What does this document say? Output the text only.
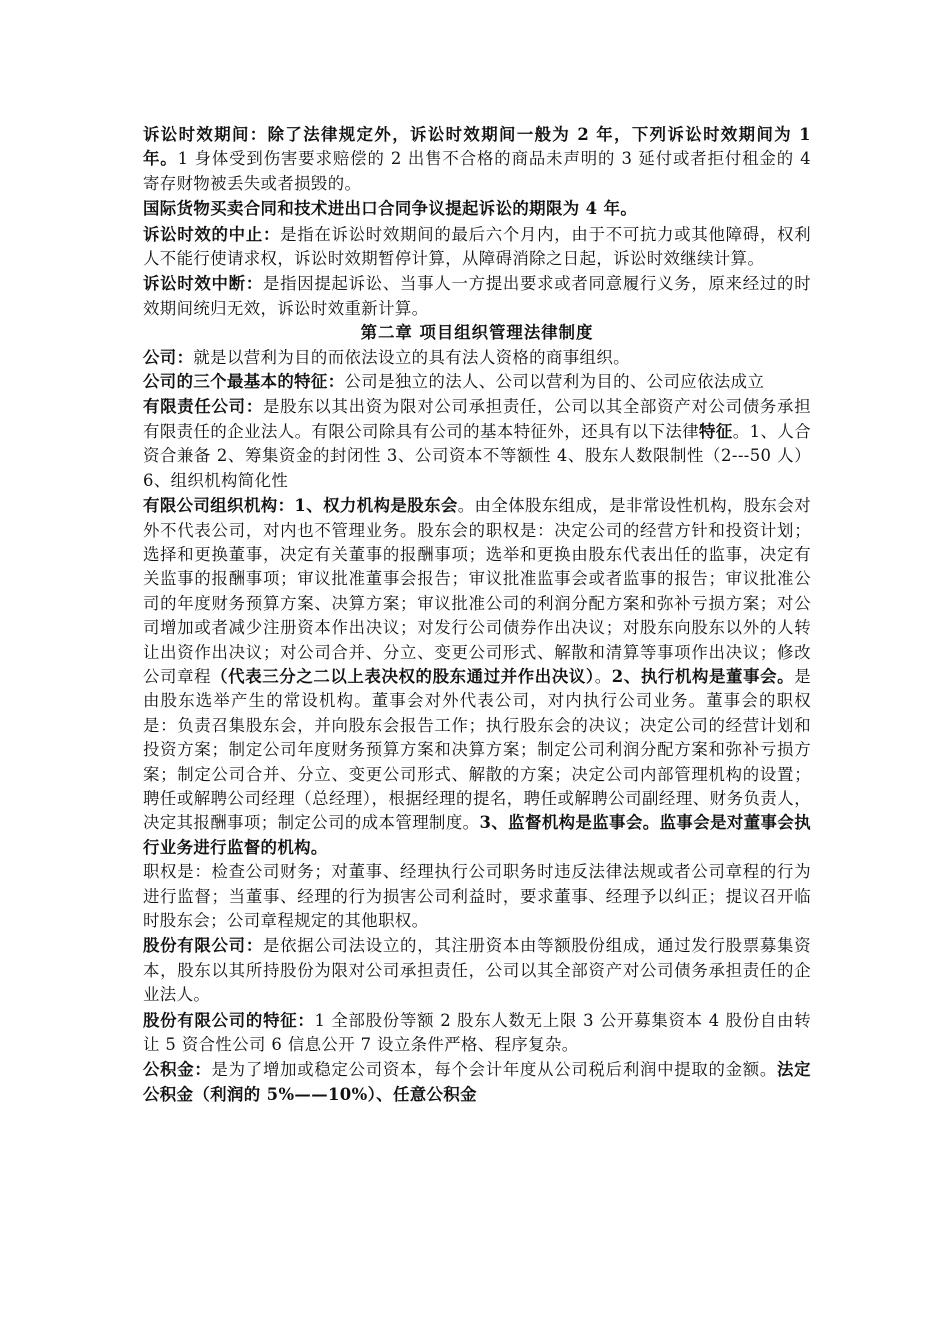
诉讼时效期间：除了法律规定外，诉讼时效期间一般为 2 年，下列诉讼时效期间为 1 年。1 身体受到伤害要求赔偿的 2 出售不合格的商品未声明的 3 延付或者拒付租金的 4 寄存财物被丢失或者损毁的。

国际货物买卖合同和技术进出口合同争议提起诉讼的期限为 4 年。

诉讼时效的中止：是指在诉讼时效期间的最后六个月内，由于不可抗力或其他障碍，权利人不能行使请求权，诉讼时效期暂停计算，从障碍消除之日起，诉讼时效继续计算。

诉讼时效中断：是指因提起诉讼、当事人一方提出要求或者同意履行义务，原来经过的时效期间统归无效，诉讼时效重新计算。

第二章 项目组织管理法律制度

公司：就是以营利为目的而依法设立的具有法人资格的商事组织。

公司的三个最基本的特征：公司是独立的法人、公司以营利为目的、公司应依法成立

有限责任公司：是股东以其出资为限对公司承担责任，公司以其全部资产对公司债务承担有限责任的企业法人。有限公司除具有公司的基本特征外，还具有以下法律特征。1、人合资合兼备 2、筹集资金的封闭性 3、公司资本不等额性 4、股东人数限制性（2---50 人）6、组织机构简化性

有限公司组织机构：1、权力机构是股东会。由全体股东组成，是非常设性机构，股东会对外不代表公司，对内也不管理业务。股东会的职权是：决定公司的经营方针和投资计划；选择和更换董事，决定有关董事的报酬事项；选举和更换由股东代表出任的监事，决定有关监事的报酬事项；审议批准董事会报告；审议批准监事会或者监事的报告；审议批准公司的年度财务预算方案、决算方案；审议批准公司的利润分配方案和弥补亏损方案；对公司增加或者减少注册资本作出决议；对发行公司债券作出决议；对股东向股东以外的人转让出资作出决议；对公司合并、分立、变更公司形式、解散和清算等事项作出决议；修改公司章程（代表三分之二以上表决权的股东通过并作出决议）。2、执行机构是董事会。是由股东选举产生的常设机构。董事会对外代表公司，对内执行公司业务。董事会的职权是：负责召集股东会，并向股东会报告工作；执行股东会的决议；决定公司的经营计划和投资方案；制定公司年度财务预算方案和决算方案；制定公司利润分配方案和弥补亏损方案；制定公司合并、分立、变更公司形式、解散的方案；决定公司内部管理机构的设置；聘任或解聘公司经理（总经理），根据经理的提名，聘任或解聘公司副经理、财务负责人，决定其报酬事项；制定公司的成本管理制度。3、监督机构是监事会。监事会是对董事会执行业务进行监督的机构。

职权是：检查公司财务；对董事、经理执行公司职务时违反法律法规或者公司章程的行为进行监督；当董事、经理的行为损害公司利益时，要求董事、经理予以纠正；提议召开临时股东会；公司章程规定的其他职权。

股份有限公司：是依据公司法设立的，其注册资本由等额股份组成，通过发行股票募集资本，股东以其所持股份为限对公司承担责任，公司以其全部资产对公司债务承担责任的企业法人。

股份有限公司的特征：1 全部股份等额 2 股东人数无上限 3 公开募集资本 4 股份自由转让 5 资合性公司 6 信息公开 7 设立条件严格、程序复杂。

公积金：是为了增加或稳定公司资本，每个会计年度从公司税后利润中提取的金额。法定公积金（利润的 5%——10%）、任意公积金
